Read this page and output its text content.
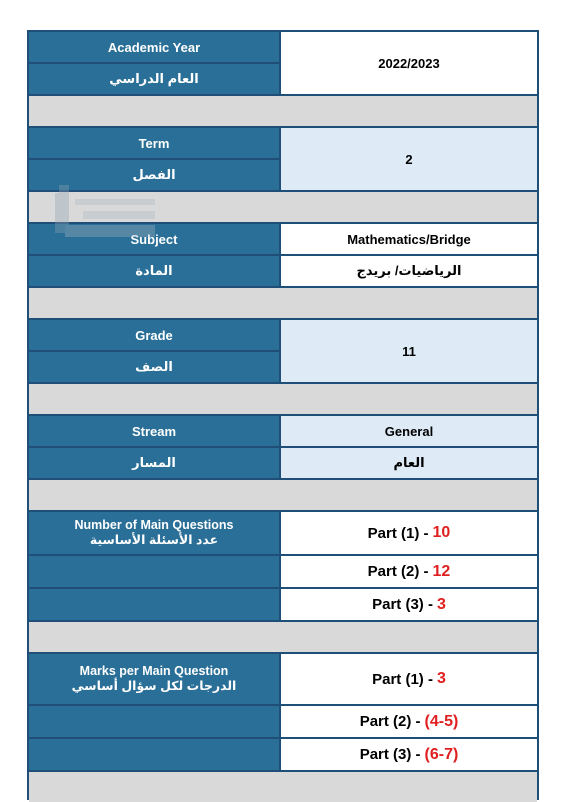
Academic Year
العام الدراسي
2022/2023
Term
الفصل
2
Subject
المادة
Mathematics/Bridge
الرياضيات/ بريدج
Grade
الصف
11
Stream
المسار
General
العام
Number of Main Questions
عدد الأسئلة الأساسية	Part (1) - 10
Part (2) - 12
Part (3) - 3
Marks per Main Question
الدرجات لكل سؤال أساسي	Part (1) - 3
Part (2) - (4-5)
Part (3) - (6-7)
